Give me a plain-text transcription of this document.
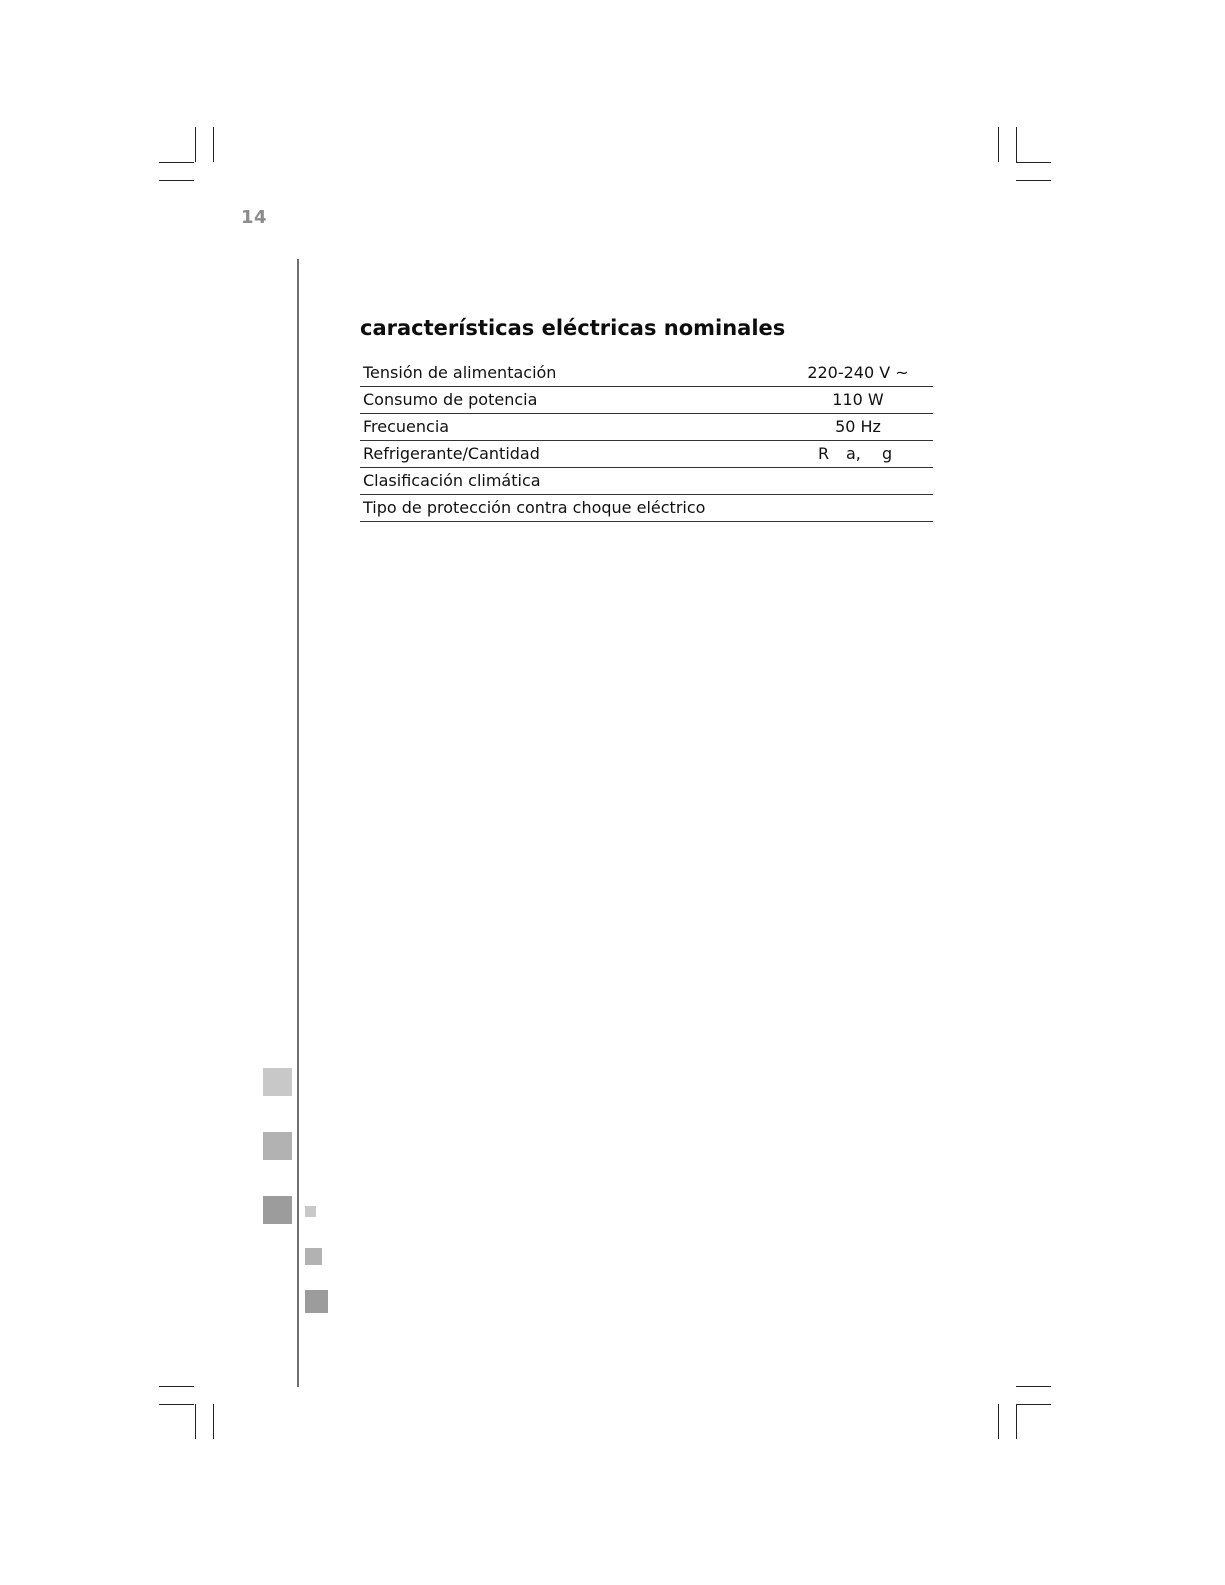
14
características eléctricas nominales
Tensión de alimentación	220-240 V ~
Consumo de potencia	110 W
Frecuencia	50 Hz
Refrigerante/Cantidad	R a, g
Clasificación climática	
Tipo de protección contra choque eléctrico	
